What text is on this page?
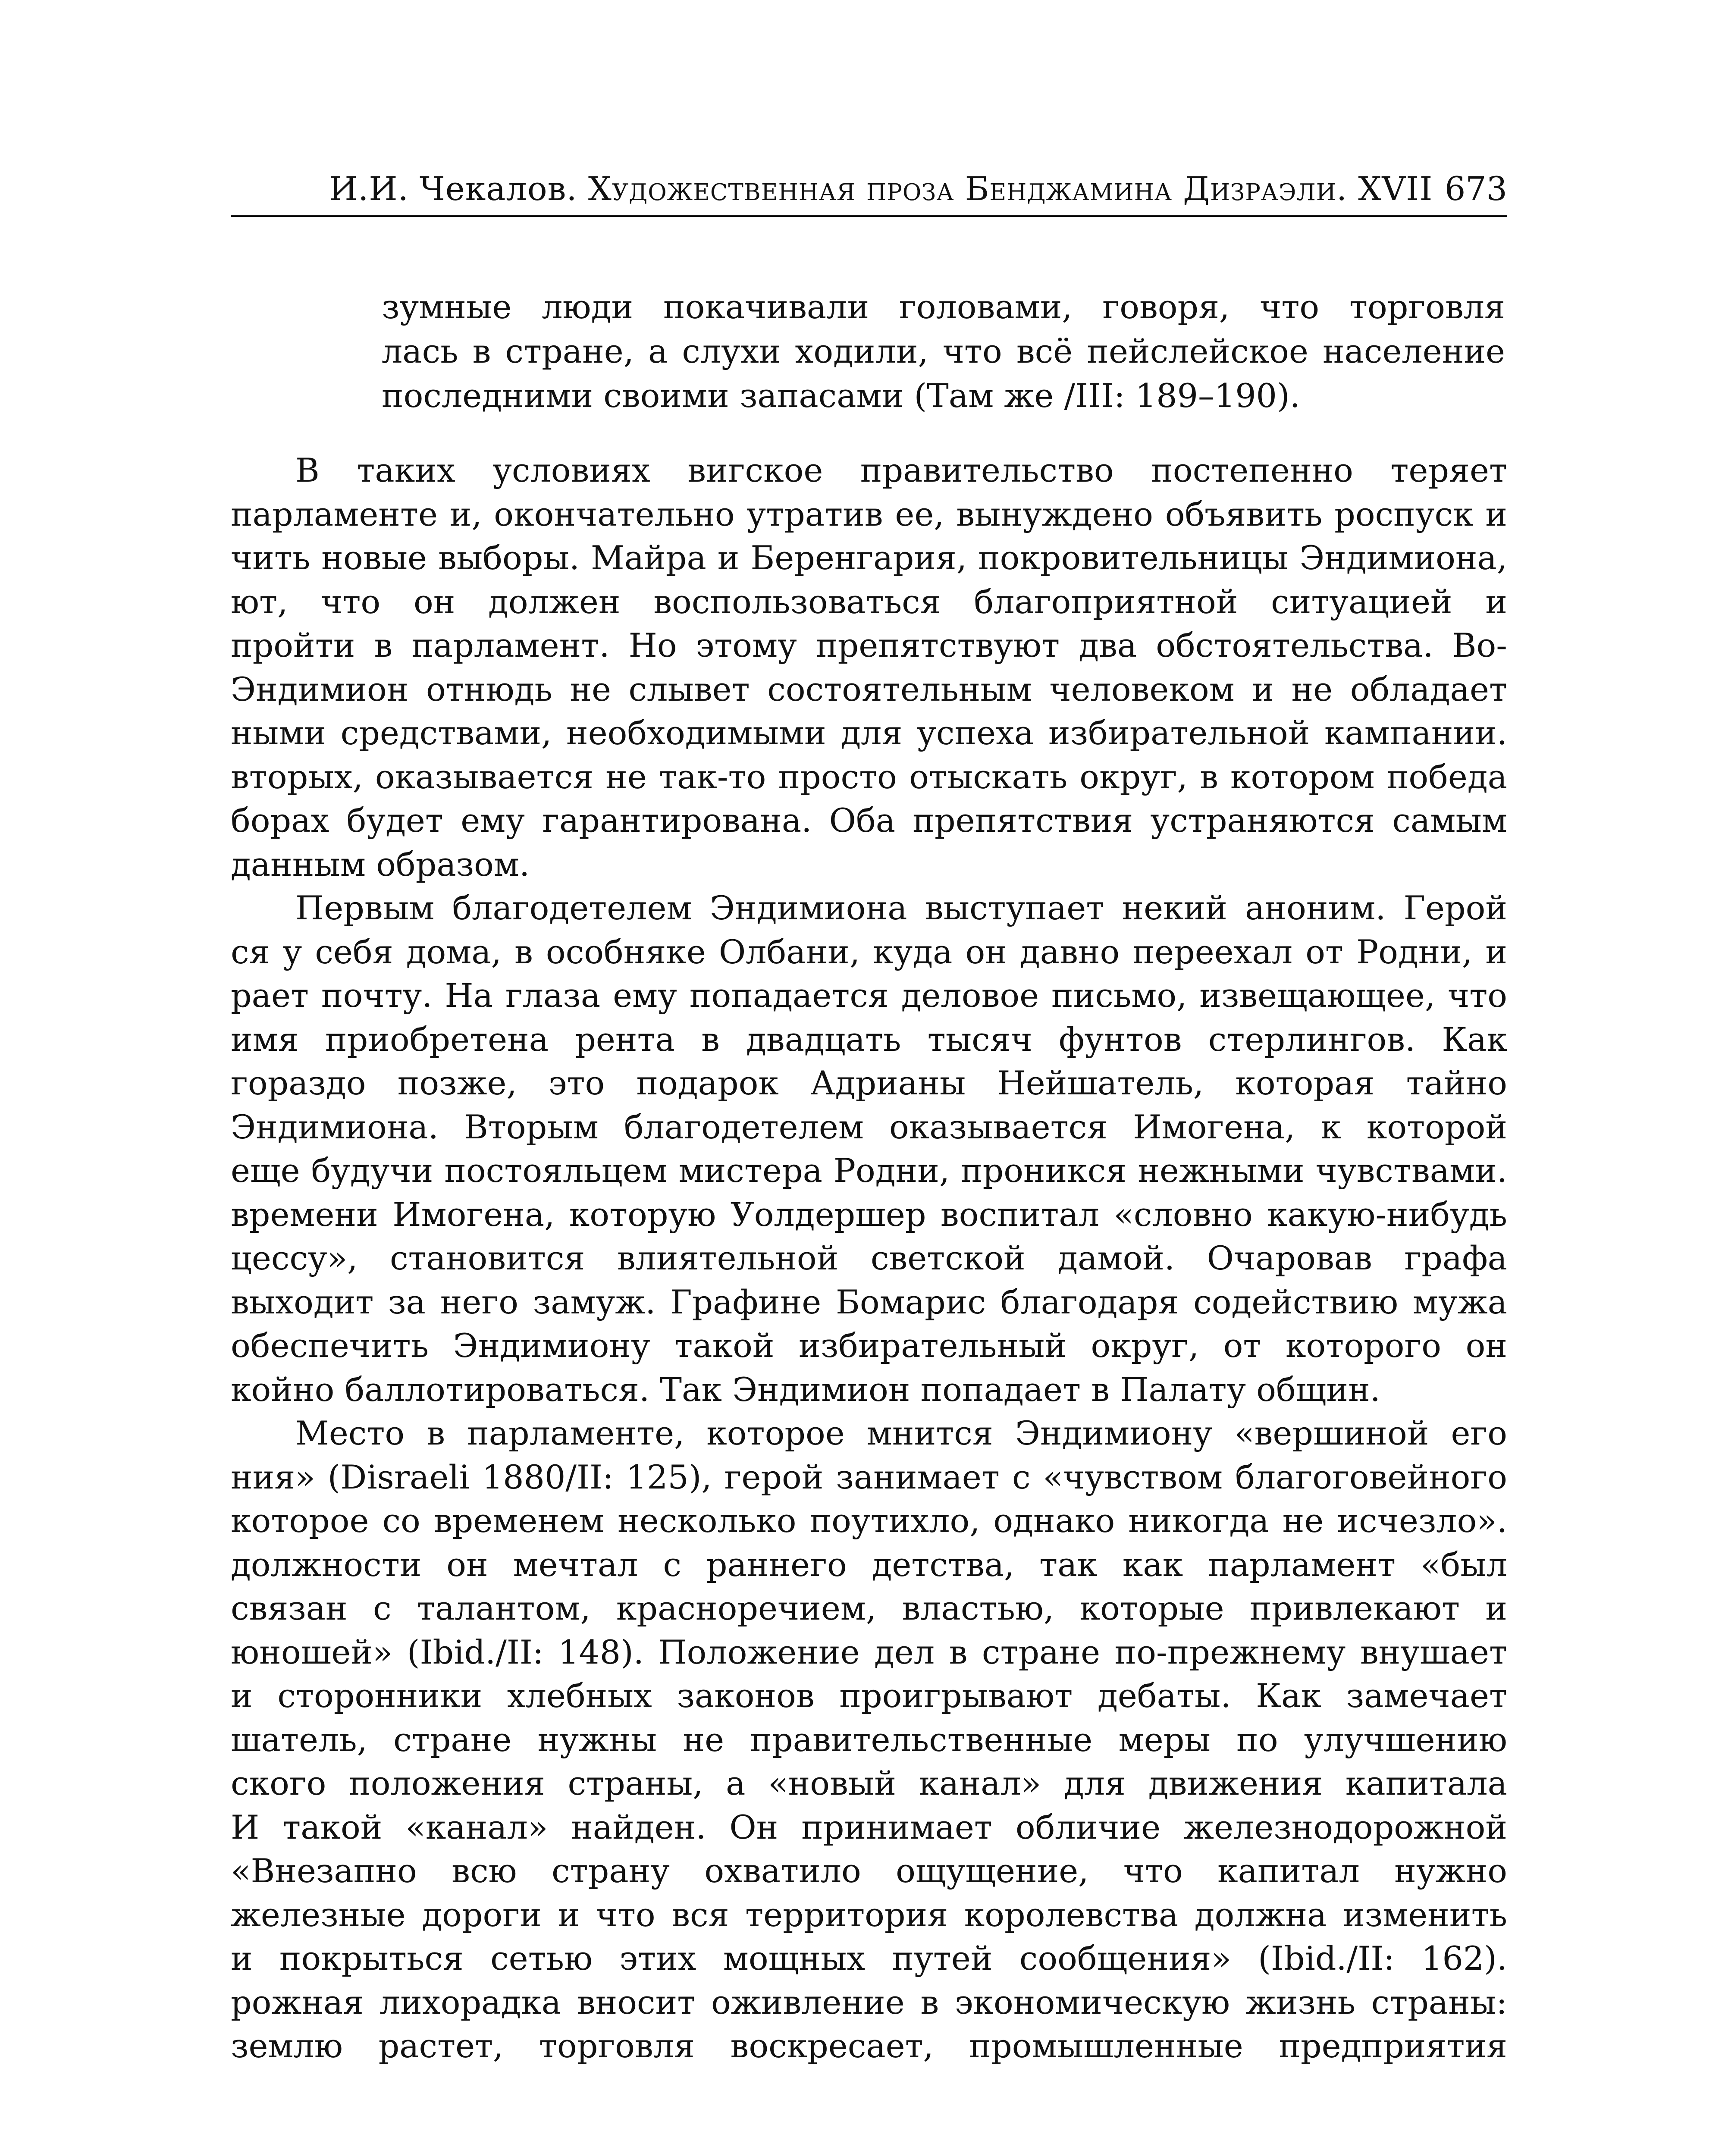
И.И. Чекалов. Художественная проза Бенджамина Дизраэли. XVII 673
зумные люди покачивали головами, говоря, что торговля
лась в стране, а слухи ходили, что всё пейслейское население
последними своими запасами (Там же /III: 189–190).
В таких условиях вигское правительство постепенно теряет
парламенте и, окончательно утратив ее, вынуждено объявить роспуск и
чить новые выборы. Майра и Беренгария, покровительницы Эндимиона,
ют, что он должен воспользоваться благоприятной ситуацией и
пройти в парламент. Но этому препятствуют два обстоятельства. Во-
Эндимион отнюдь не слывет состоятельным человеком и не обладает
ными средствами, необходимыми для успеха избирательной кампании.
вторых, оказывается не так-то просто отыскать округ, в котором победа
борах будет ему гарантирована. Оба препятствия устраняются самым
данным образом.
Первым благодетелем Эндимиона выступает некий аноним. Герой
ся у себя дома, в особняке Олбани, куда он давно переехал от Родни, и
рает почту. На глаза ему попадается деловое письмо, извещающее, что
имя приобретена рента в двадцать тысяч фунтов стерлингов. Как
гораздо позже, это подарок Адрианы Нейшатель, которая тайно
Эндимиона. Вторым благодетелем оказывается Имогена, к которой
еще будучи постояльцем мистера Родни, проникся нежными чувствами.
времени Имогена, которую Уолдершер воспитал «словно какую-нибудь
цессу», становится влиятельной светской дамой. Очаровав графа
выходит за него замуж. Графине Бомарис благодаря содействию мужа
обеспечить Эндимиону такой избирательный округ, от которого он
койно баллотироваться. Так Эндимион попадает в Палату общин.
Место в парламенте, которое мнится Эндимиону «вершиной его
ния» (Disraeli 1880/II: 125), герой занимает с «чувством благоговейного
которое со временем несколько поутихло, однако никогда не исчезло».
должности он мечтал с раннего детства, так как парламент «был
связан с талантом, красноречием, властью, которые привлекают и
юношей» (Ibid./II: 148). Положение дел в стране по-прежнему внушает
и сторонники хлебных законов проигрывают дебаты. Как замечает
шатель, стране нужны не правительственные меры по улучшению
ского положения страны, а «новый канал» для движения капитала
И такой «канал» найден. Он принимает обличие железнодорожной
«Внезапно всю страну охватило ощущение, что капитал нужно
железные дороги и что вся территория королевства должна изменить
и покрыться сетью этих мощных путей сообщения» (Ibid./II: 162).
рожная лихорадка вносит оживление в экономическую жизнь страны:
землю растет, торговля воскресает, промышленные предприятия
